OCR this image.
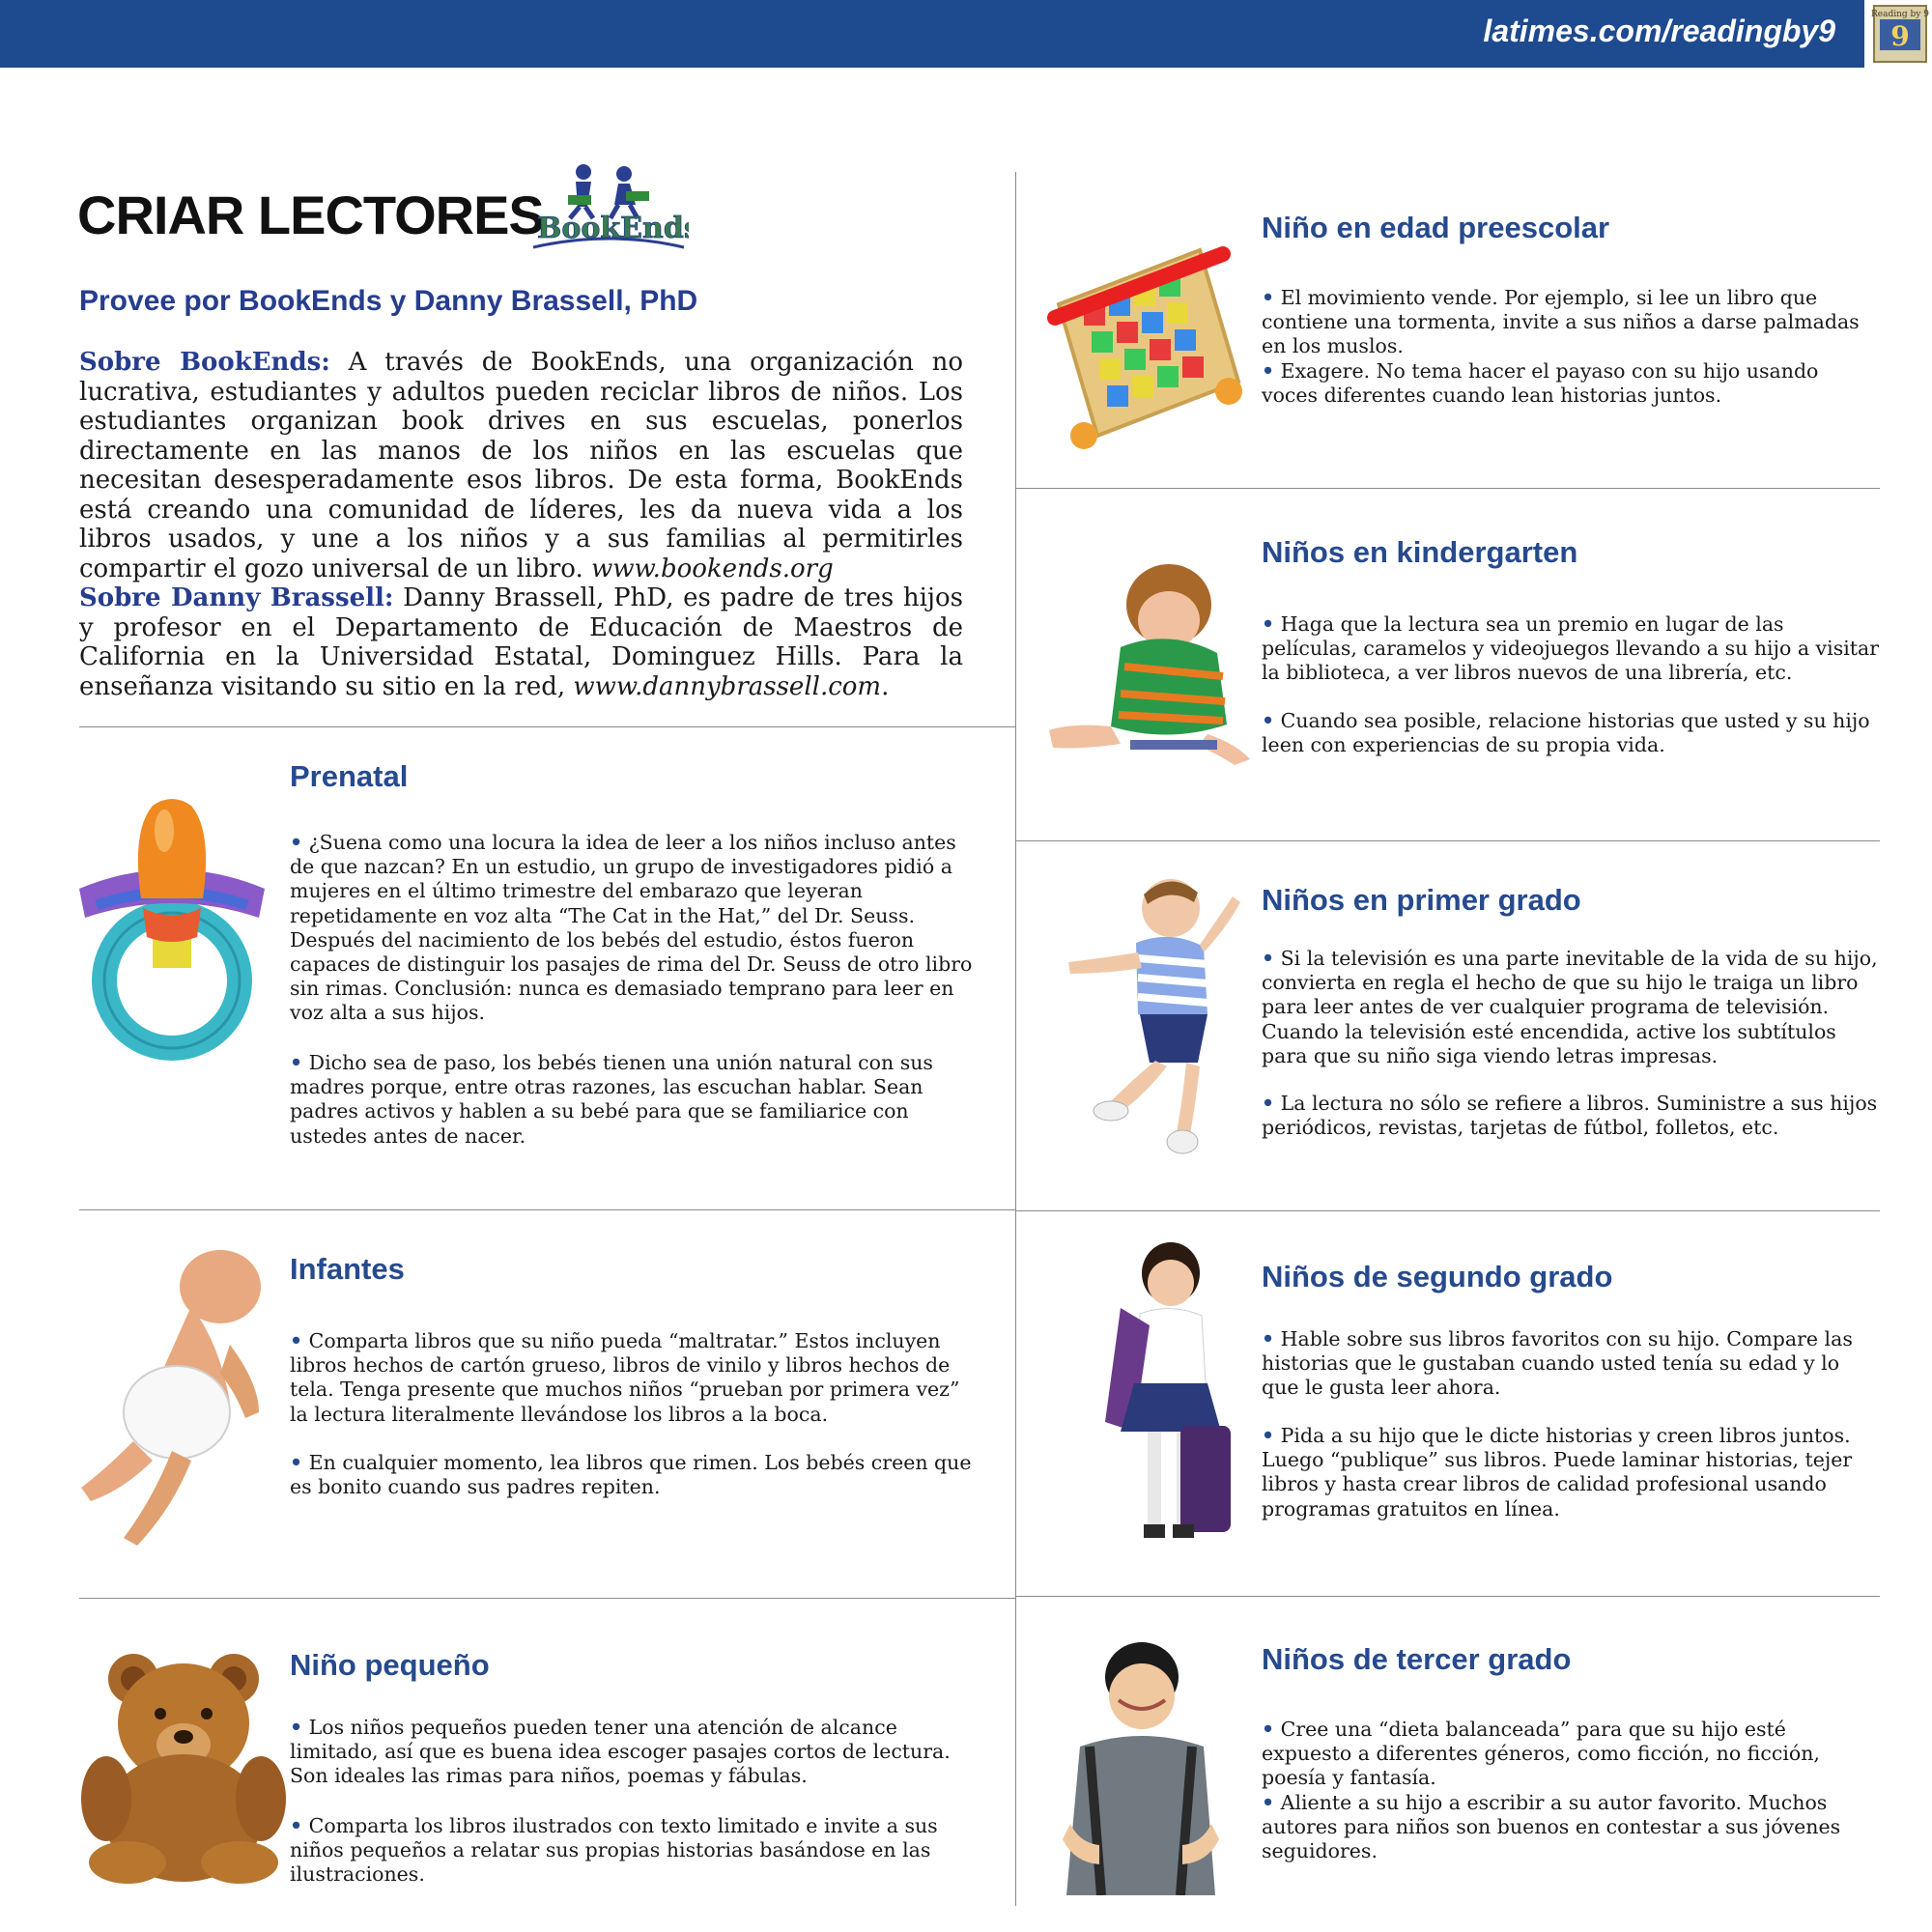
latimes.com/readingby9 9
Reading by 9
CRIAR LECTORES
BookEnds
Provee por BookEnds y Danny Brassell, PhD

Sobre BookEnds: A través de BookEnds, una organización no lucrativa, estudiantes y adultos pueden reciclar libros de niños. Los estudiantes organizan book drives en sus escuelas, ponerlos directamente en las manos de los niños en las escuelas que necesitan desesperadamente esos libros. De esta forma, BookEnds está creando una comunidad de líderes, les da nueva vida a los libros usados, y une a los niños y a sus familias al permitirles compartir el gozo universal de un libro. www.bookends.org

Sobre Danny Brassell: Danny Brassell, PhD, es padre de tres hijos y profesor en el Departamento de Educación de Maestros de California en la Universidad Estatal, Dominguez Hills. Para la enseñanza visitando su sitio en la red, www.dannybrassell.com.

Prenatal

• ¿Suena como una locura la idea de leer a los niños incluso antes de que nazcan? En un estudio, un grupo de investigadores pidió a mujeres en el último trimestre del embarazo que leyeran repetidamente en voz alta “The Cat in the Hat,” del Dr. Seuss. Después del nacimiento de los bebés del estudio, éstos fueron capaces de distinguir los pasajes de rima del Dr. Seuss de otro libro sin rimas. Conclusión: nunca es demasiado temprano para leer en voz alta a sus hijos.

• Dicho sea de paso, los bebés tienen una unión natural con sus madres porque, entre otras razones, las escuchan hablar. Sean padres activos y hablen a su bebé para que se familiarice con ustedes antes de nacer.

Infantes

• Comparta libros que su niño pueda “maltratar.” Estos incluyen libros hechos de cartón grueso, libros de vinilo y libros hechos de tela. Tenga presente que muchos niños “prueban por primera vez” la lectura literalmente llevándose los libros a la boca.

• En cualquier momento, lea libros que rimen. Los bebés creen que es bonito cuando sus padres repiten.

Niño pequeño

• Los niños pequeños pueden tener una atención de alcance limitado, así que es buena idea escoger pasajes cortos de lectura. Son ideales las rimas para niños, poemas y fábulas.

• Comparta los libros ilustrados con texto limitado e invite a sus niños pequeños a relatar sus propias historias basándose en las ilustraciones.

Niño en edad preescolar

• El movimiento vende. Por ejemplo, si lee un libro que contiene una tormenta, invite a sus niños a darse palmadas en los muslos.

• Exagere. No tema hacer el payaso con su hijo usando voces diferentes cuando lean historias juntos.

Niños en kindergarten

• Haga que la lectura sea un premio en lugar de las películas, caramelos y videojuegos llevando a su hijo a visitar la biblioteca, a ver libros nuevos de una librería, etc.

• Cuando sea posible, relacione historias que usted y su hijo leen con experiencias de su propia vida.

Niños en primer grado

• Si la televisión es una parte inevitable de la vida de su hijo, convierta en regla el hecho de que su hijo le traiga un libro para leer antes de ver cualquier programa de televisión. Cuando la televisión esté encendida, active los subtítulos para que su niño siga viendo letras impresas.

• La lectura no sólo se refiere a libros. Suministre a sus hijos periódicos, revistas, tarjetas de fútbol, folletos, etc.

Niños de segundo grado

• Hable sobre sus libros favoritos con su hijo. Compare las historias que le gustaban cuando usted tenía su edad y lo que le gusta leer ahora.

• Pida a su hijo que le dicte historias y creen libros juntos. Luego “publique” sus libros. Puede laminar historias, tejer libros y hasta crear libros de calidad profesional usando programas gratuitos en línea.

Niños de tercer grado

• Cree una “dieta balanceada” para que su hijo esté expuesto a diferentes géneros, como ficción, no ficción, poesía y fantasía.

• Aliente a su hijo a escribir a su autor favorito. Muchos autores para niños son buenos en contestar a sus jóvenes seguidores.
